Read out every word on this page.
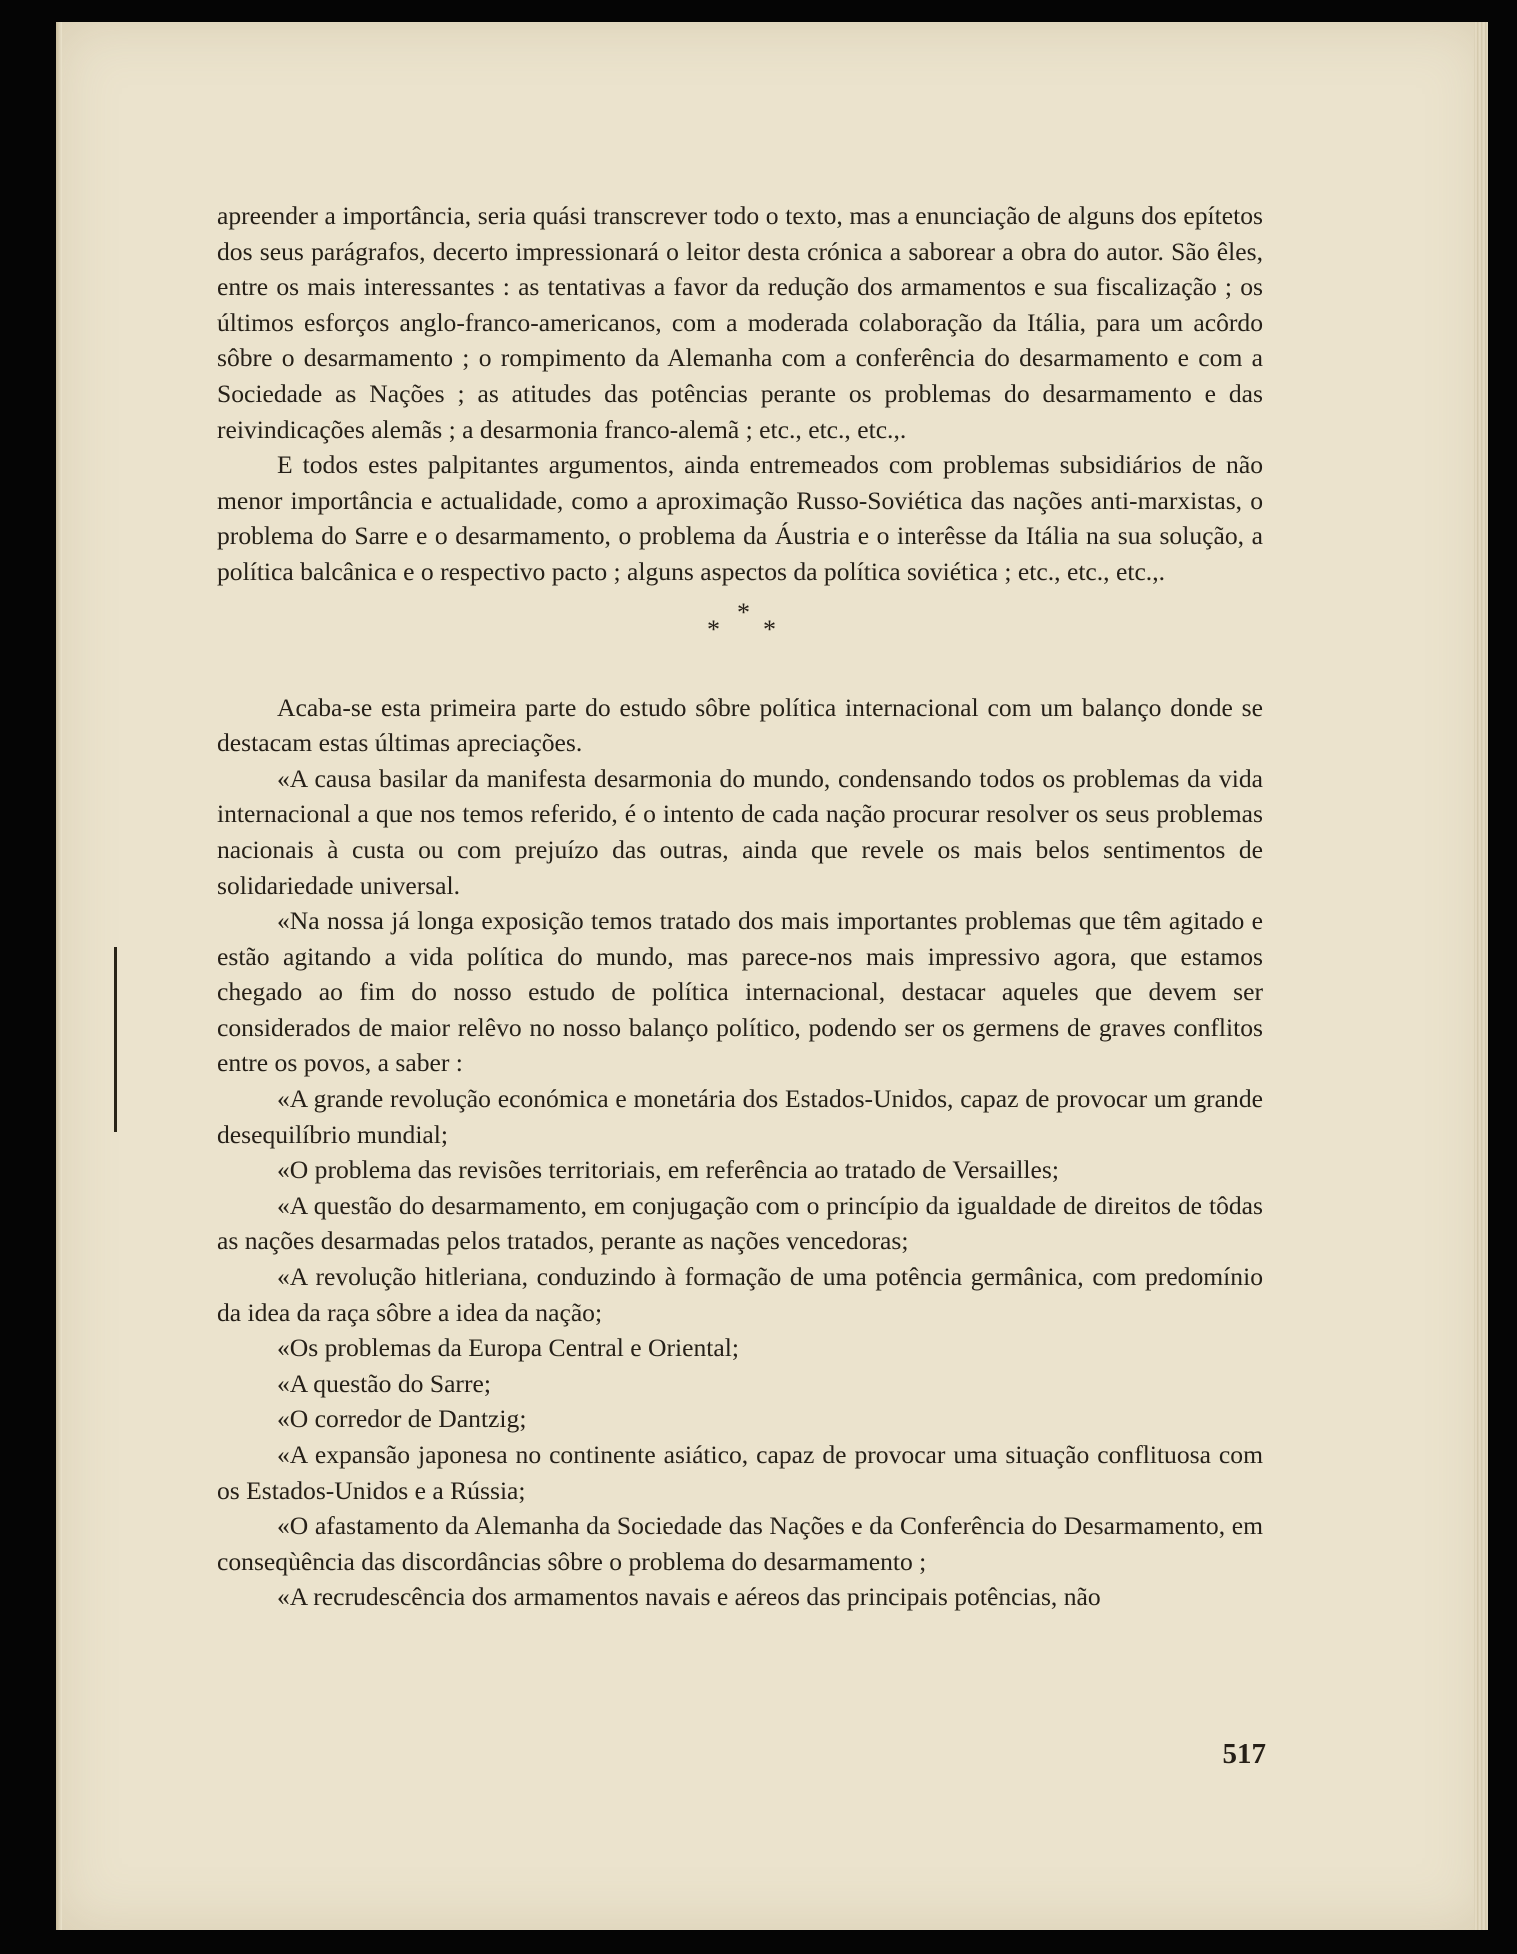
apreender a importância, seria quási transcrever todo o texto, mas a enunciação de alguns dos epítetos dos seus parágrafos, decerto impressionará o leitor desta crónica a saborear a obra do autor. São êles, entre os mais interessantes : as tentativas a favor da redução dos armamentos e sua fiscalização ; os últimos esforços anglo-franco-americanos, com a moderada colaboração da Itália, para um acôrdo sôbre o desarmamento ; o rompimento da Alemanha com a conferência do desarmamento e com a Sociedade as Nações ; as atitudes das potências perante os problemas do desarmamento e das reivindicações alemãs ; a desarmonia franco-alemã ; etc., etc., etc.,.

E todos estes palpitantes argumentos, ainda entremeados com problemas subsidiários de não menor importância e actualidade, como a aproximação Russo-Soviética das nações anti-marxistas, o problema do Sarre e o desarmamento, o problema da Áustria e o interêsse da Itália na sua solução, a política balcânica e o respectivo pacto ; alguns aspectos da política soviética ; etc., etc., etc.,.

*
* *

Acaba-se esta primeira parte do estudo sôbre política internacional com um balanço donde se destacam estas últimas apreciações.

«A causa basilar da manifesta desarmonia do mundo, condensando todos os problemas da vida internacional a que nos temos referido, é o intento de cada nação procurar resolver os seus problemas nacionais à custa ou com prejuízo das outras, ainda que revele os mais belos sentimentos de solidariedade universal.

«Na nossa já longa exposição temos tratado dos mais importantes problemas que têm agitado e estão agitando a vida política do mundo, mas parece-nos mais impressivo agora, que estamos chegado ao fim do nosso estudo de política internacional, destacar aqueles que devem ser considerados de maior relêvo no nosso balanço político, podendo ser os germens de graves conflitos entre os povos, a saber :

«A grande revolução económica e monetária dos Estados-Unidos, capaz de provocar um grande desequilíbrio mundial;

«O problema das revisões territoriais, em referência ao tratado de Versailles;

«A questão do desarmamento, em conjugação com o princípio da igualdade de direitos de tôdas as nações desarmadas pelos tratados, perante as nações vencedoras;

«A revolução hitleriana, conduzindo à formação de uma potência germânica, com predomínio da idea da raça sôbre a idea da nação;

«Os problemas da Europa Central e Oriental;

«A questão do Sarre;

«O corredor de Dantzig;

«A expansão japonesa no continente asiático, capaz de provocar uma situação conflituosa com os Estados-Unidos e a Rússia;

«O afastamento da Alemanha da Sociedade das Nações e da Conferência do Desarmamento, em conseqùência das discordâncias sôbre o problema do desarmamento ;

«A recrudescência dos armamentos navais e aéreos das principais potências, não

517
